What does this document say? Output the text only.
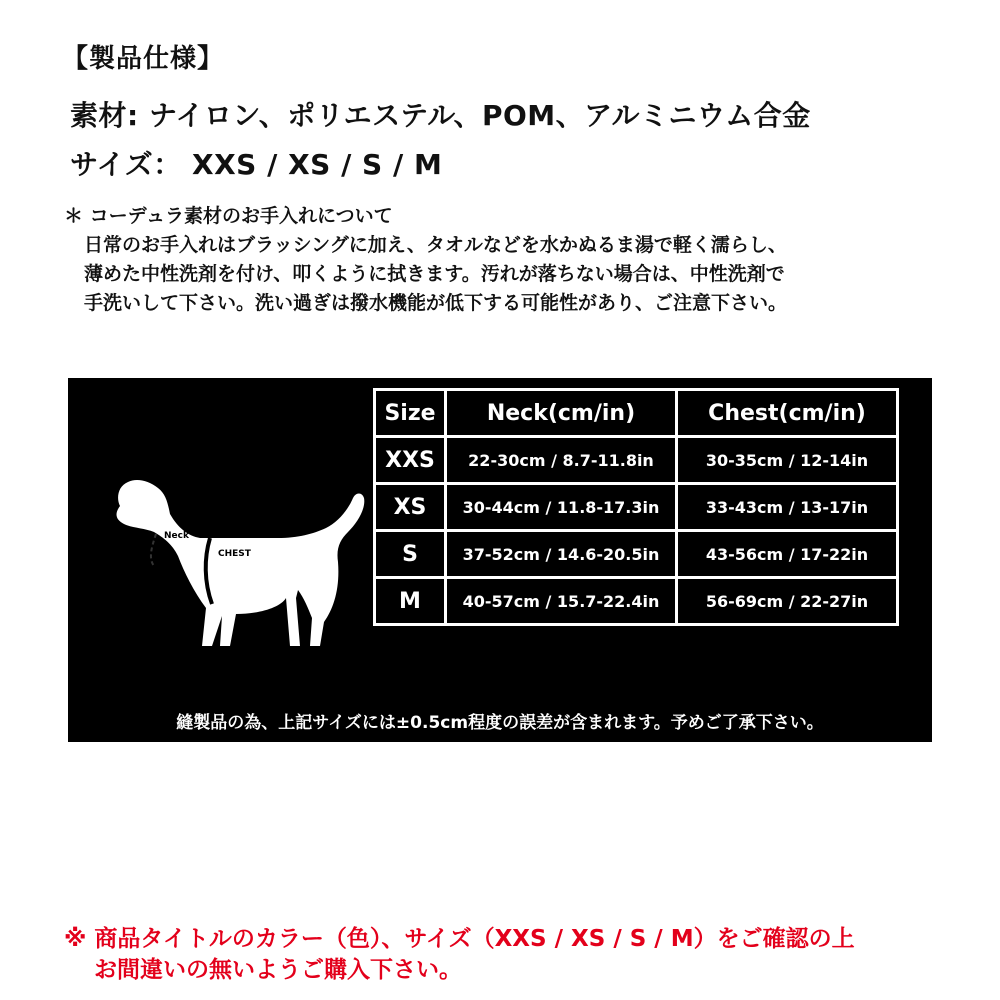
【製品仕様】
素材: ナイロン、ポリエステル、POM、アルミニウム合金
サイズ： XXS / XS / S / M
＊ コーデュラ素材のお手入れについて
日常のお手入れはブラッシングに加え、タオルなどを水かぬるま湯で軽く濡らし、
薄めた中性洗剤を付け、叩くように拭きます。汚れが落ちない場合は、中性洗剤で
手洗いして下さい。洗い過ぎは撥水機能が低下する可能性があり、ご注意下さい。
Neck
CHEST
Size	Neck(cm/in)	Chest(cm/in)
XXS	22-30cm / 8.7-11.8in	30-35cm / 12-14in
XS	30-44cm / 11.8-17.3in	33-43cm / 13-17in
S	37-52cm / 14.6-20.5in	43-56cm / 17-22in
M	40-57cm / 15.7-22.4in	56-69cm / 22-27in
縫製品の為、上記サイズには±0.5cm程度の誤差が含まれます。予めご了承下さい。
※ 商品タイトルのカラー（色）、サイズ（XXS / XS / S / M）をご確認の上
お間違いの無いようご購入下さい。
